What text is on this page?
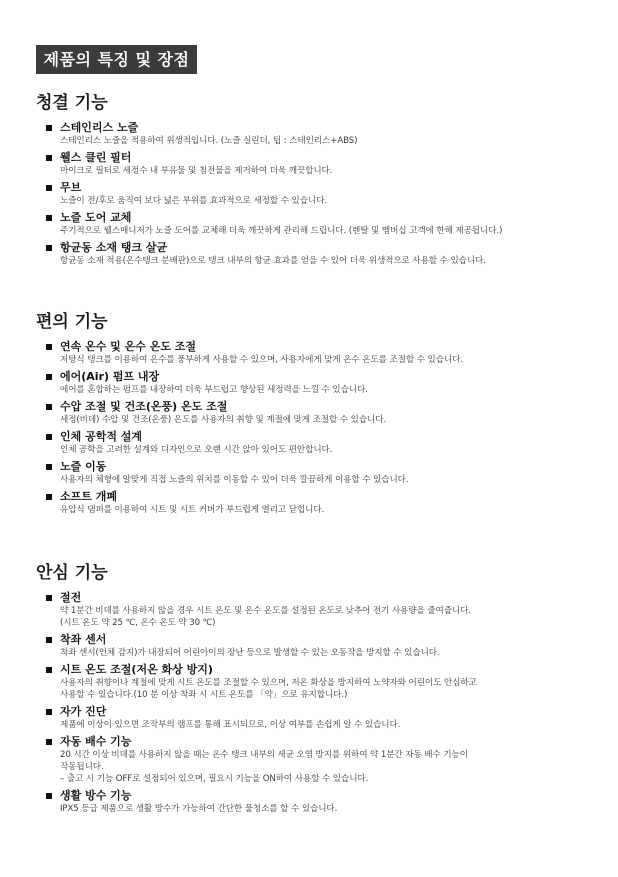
제품의 특징 및 장점
청결 기능
스테인리스 노즐
스테인리스 노즐을 적용하여 위생적입니다. (노즐 실린더, 팁 : 스테인리스+ABS)
웰스 클린 필터
마이크로 필터로 세정수 내 부유물 및 침전물을 제거하여 더욱 깨끗합니다.
무브
노즐이 전/후로 움직여 보다 넓은 부위를 효과적으로 세정할 수 있습니다.
노즐 도어 교체
주기적으로 웰스매니저가 노즐 도어를 교체해 더욱 깨끗하게 관리해 드립니다. (렌탈 및 멤버십 고객에 한해 제공됩니다.)
항균동 소재 탱크 살균
항균동 소재 적용(온수탱크 분배판)으로 탱크 내부의 항균 효과를 얻을 수 있어 더욱 위생적으로 사용할 수 있습니다.
편의 기능
연속 온수 및 온수 온도 조절
저탕식 탱크를 이용하여 온수를 풍부하게 사용할 수 있으며, 사용자에게 맞게 온수 온도를 조절할 수 있습니다.
에어(Air) 펌프 내장
에어를 혼합하는 펌프를 내장하여 더욱 부드럽고 향상된 세정력을 느낄 수 있습니다.
수압 조절 및 건조(온풍) 온도 조절
세정(비데) 수압 및 건조(온풍) 온도를 사용자의 취향 및 계절에 맞게 조절할 수 있습니다.
인체 공학적 설계
인체 공학을 고려한 설계와 디자인으로 오랜 시간 앉아 있어도 편안합니다.
노즐 이동
사용자의 체형에 알맞게 직접 노즐의 위치를 이동할 수 있어 더욱 깔끔하게 이용할 수 있습니다.
소프트 개폐
유압식 댐퍼를 이용하여 시트 및 시트 커버가 부드럽게 열리고 닫힙니다.
안심 기능
절전
약 1분간 비데를 사용하지 않을 경우 시트 온도 및 온수 온도를 설정된 온도로 낮추어 전기 사용량을 줄여줍니다.
(시트 온도 약 25 ℃, 온수 온도 약 30 ℃)
착좌 센서
착좌 센서(인체 감지)가 내장되어 어린아이의 장난 등으로 발생할 수 있는 오동작을 방지할 수 있습니다.
시트 온도 조절(저온 화상 방지)
사용자의 취향이나 계절에 맞게 시트 온도를 조절할 수 있으며, 저온 화상을 방지하여 노약자와 어린이도 안심하고
사용할 수 있습니다.(10 분 이상 착좌 시 시트 온도를 「약」으로 유지합니다.)
자가 진단
제품에 이상이 있으면 조작부의 램프를 통해 표시되므로, 이상 여부를 손쉽게 알 수 있습니다.
자동 배수 기능
20 시간 이상 비데를 사용하지 않을 때는 온수 탱크 내부의 세균 오염 방지를 위하여 약 1분간 자동 배수 기능이
작동됩니다.
– 출고 시 기능 OFF로 설정되어 있으며, 필요시 기능을 ON하여 사용할 수 있습니다.
생활 방수 기능
IPX5 등급 제품으로 생활 방수가 가능하여 간단한 물청소를 할 수 있습니다.
